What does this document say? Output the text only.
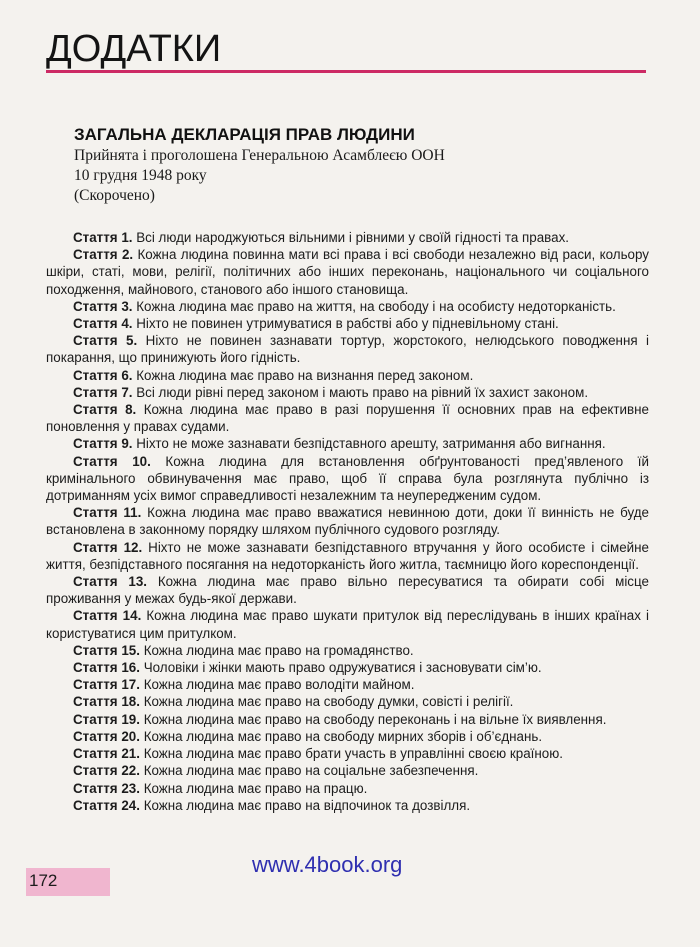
ДОДАТКИ
ЗАГАЛЬНА ДЕКЛАРАЦІЯ ПРАВ ЛЮДИНИ
Прийнята і проголошена Генеральною Асамблеєю ООН
10 грудня 1948 року
(Скорочено)

Стаття 1. Всі люди народжуються вільними і рівними у своїй гідності та правах.

Стаття 2. Кожна людина повинна мати всі права і всі свободи незалежно від раси, кольору шкіри, статі, мови, релігії, політичних або інших переконань, національного чи соціального походження, майнового, станового або іншого становища.

Стаття 3. Кожна людина має право на життя, на свободу і на особисту недоторканість.

Стаття 4. Ніхто не повинен утримуватися в рабстві або у підневільному стані.

Стаття 5. Ніхто не повинен зазнавати тортур, жорстокого, нелюдського поводження і покарання, що принижують його гідність.

Стаття 6. Кожна людина має право на визнання перед законом.

Стаття 7. Всі люди рівні перед законом і мають право на рівний їх захист законом.

Стаття 8. Кожна людина має право в разі порушення її основних прав на ефективне поновлення у правах судами.

Стаття 9. Ніхто не може зазнавати безпідставного арешту, затримання або вигнання.

Стаття 10. Кожна людина для встановлення обґрунтованості пред’явленого їй кримінального обвинувачення має право, щоб її справа була розглянута публічно із дотриманням усіх вимог справедливості незалежним та неупередженим судом.

Стаття 11. Кожна людина має право вважатися невинною доти, доки її винність не буде встановлена в законному порядку шляхом публічного судового розгляду.

Стаття 12. Ніхто не може зазнавати безпідставного втручання у його особисте і сімейне життя, безпідставного посягання на недоторканість його житла, таємницю його кореспонденції.

Стаття 13. Кожна людина має право вільно пересуватися та обирати собі місце проживання у межах будь-якої держави.

Стаття 14. Кожна людина має право шукати притулок від переслідувань в інших країнах і користуватися цим притулком.

Стаття 15. Кожна людина має право на громадянство.

Стаття 16. Чоловіки і жінки мають право одружуватися і засновувати сім’ю.

Стаття 17. Кожна людина має право володіти майном.

Стаття 18. Кожна людина має право на свободу думки, совісті і релігії.

Стаття 19. Кожна людина має право на свободу переконань і на вільне їх виявлення.

Стаття 20. Кожна людина має право на свободу мирних зборів і об’єднань.

Стаття 21. Кожна людина має право брати участь в управлінні своєю країною.

Стаття 22. Кожна людина має право на соціальне забезпечення.

Стаття 23. Кожна людина має право на працю.

Стаття 24. Кожна людина має право на відпочинок та дозвілля.

172
www.4book.org
